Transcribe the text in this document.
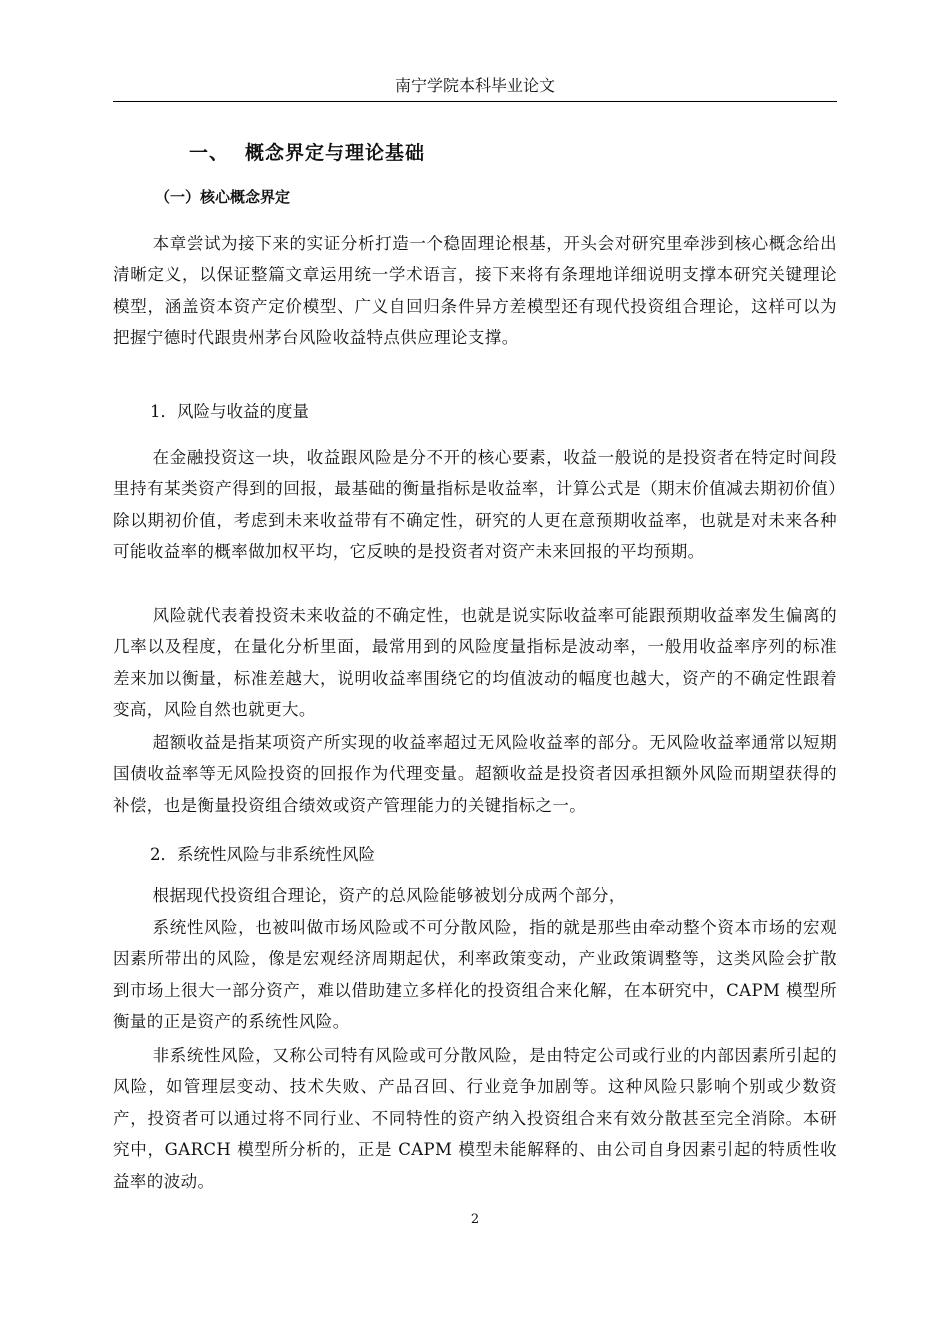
南宁学院本科毕业论文
一、 概念界定与理论基础
（一）核心概念界定

本章尝试为接下来的实证分析打造一个稳固理论根基，开头会对研究里牵涉到核心概念给出清晰定义，以保证整篇文章运用统一学术语言，接下来将有条理地详细说明支撑本研究关键理论模型，涵盖资本资产定价模型、广义自回归条件异方差模型还有现代投资组合理论，这样可以为把握宁德时代跟贵州茅台风险收益特点供应理论支撑。

1．风险与收益的度量

在金融投资这一块，收益跟风险是分不开的核心要素，收益一般说的是投资者在特定时间段里持有某类资产得到的回报，最基础的衡量指标是收益率，计算公式是（期末价值减去期初价值）除以期初价值，考虑到未来收益带有不确定性，研究的人更在意预期收益率，也就是对未来各种可能收益率的概率做加权平均，它反映的是投资者对资产未来回报的平均预期。

风险就代表着投资未来收益的不确定性，也就是说实际收益率可能跟预期收益率发生偏离的几率以及程度，在量化分析里面，最常用到的风险度量指标是波动率，一般用收益率序列的标准差来加以衡量，标准差越大，说明收益率围绕它的均值波动的幅度也越大，资产的不确定性跟着变高，风险自然也就更大。

超额收益是指某项资产所实现的收益率超过无风险收益率的部分。无风险收益率通常以短期国债收益率等无风险投资的回报作为代理变量。超额收益是投资者因承担额外风险而期望获得的补偿，也是衡量投资组合绩效或资产管理能力的关键指标之一。

2．系统性风险与非系统性风险

根据现代投资组合理论，资产的总风险能够被划分成两个部分，

系统性风险，也被叫做市场风险或不可分散风险，指的就是那些由牵动整个资本市场的宏观因素所带出的风险，像是宏观经济周期起伏，利率政策变动，产业政策调整等，这类风险会扩散到市场上很大一部分资产，难以借助建立多样化的投资组合来化解，在本研究中，CAPM 模型所衡量的正是资产的系统性风险。

非系统性风险，又称公司特有风险或可分散风险，是由特定公司或行业的内部因素所引起的风险，如管理层变动、技术失败、产品召回、行业竞争加剧等。这种风险只影响个别或少数资产，投资者可以通过将不同行业、不同特性的资产纳入投资组合来有效分散甚至完全消除。本研究中，GARCH 模型所分析的，正是 CAPM 模型未能解释的、由公司自身因素引起的特质性收益率的波动。

2
